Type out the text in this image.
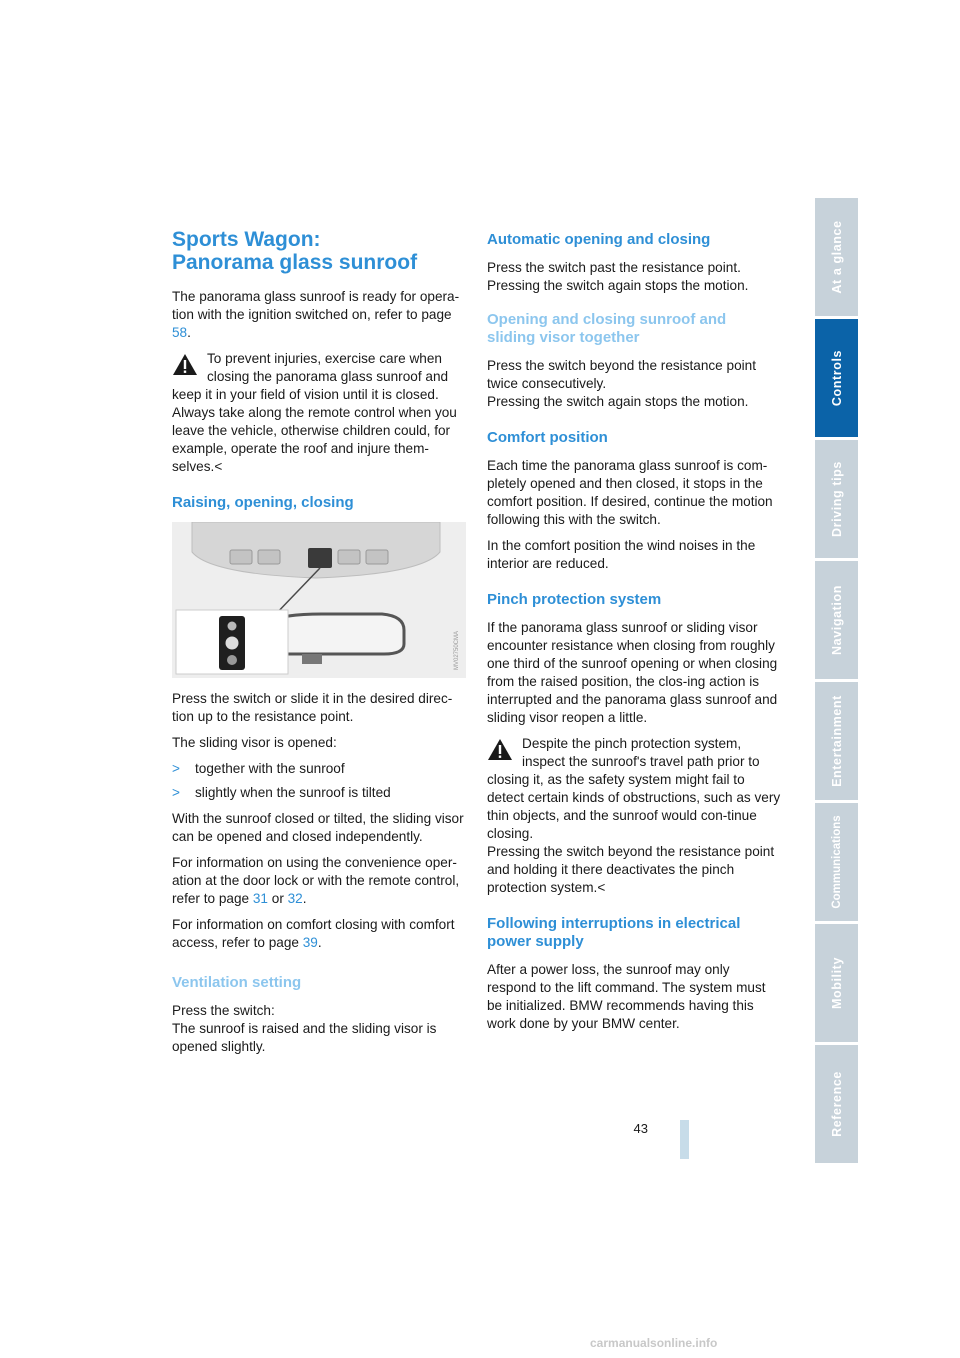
Sports Wagon:
Panorama glass sunroof

The panorama glass sunroof is ready for opera-tion with the ignition switched on, refer to page 58.

To prevent injuries, exercise care when closing the panorama glass sunroof and

keep it in your field of vision until it is closed. Always take along the remote control when you leave the vehicle, otherwise children could, for example, operate the roof and injure them-selves.<

Raising, opening, closing
MV02750CMA

Press the switch or slide it in the desired direc-tion up to the resistance point.

The sliding visor is opened:

> together with the sunroof
> slightly when the sunroof is tilted

With the sunroof closed or tilted, the sliding visor can be opened and closed independently.

For information on using the convenience oper-ation at the door lock or with the remote control, refer to page 31 or 32.

For information on comfort closing with comfort access, refer to page 39.

Ventilation setting

Press the switch:
The sunroof is raised and the sliding visor is opened slightly.

Automatic opening and closing

Press the switch past the resistance point. Pressing the switch again stops the motion.

Opening and closing sunroof and
sliding visor together

Press the switch beyond the resistance point twice consecutively.
Pressing the switch again stops the motion.

Comfort position

Each time the panorama glass sunroof is com-pletely opened and then closed, it stops in the comfort position. If desired, continue the motion following this with the switch.

In the comfort position the wind noises in the interior are reduced.

Pinch protection system

If the panorama glass sunroof or sliding visor encounter resistance when closing from roughly one third of the sunroof opening or when closing from the raised position, the clos-ing action is interrupted and the panorama glass sunroof and sliding visor reopen a little.

Despite the pinch protection system, inspect the sunroof's travel path prior to

closing it, as the safety system might fail to detect certain kinds of obstructions, such as very thin objects, and the sunroof would con-tinue closing.

Pressing the switch beyond the resistance point and holding it there deactivates the pinch protection system.<

Following interruptions in electrical
power supply

After a power loss, the sunroof may only respond to the lift command. The system must be initialized. BMW recommends having this work done by your BMW center.

At a glance
Controls
Driving tips
Navigation
Entertainment
Communications
Mobility
Reference
43
carmanualsonline.info
